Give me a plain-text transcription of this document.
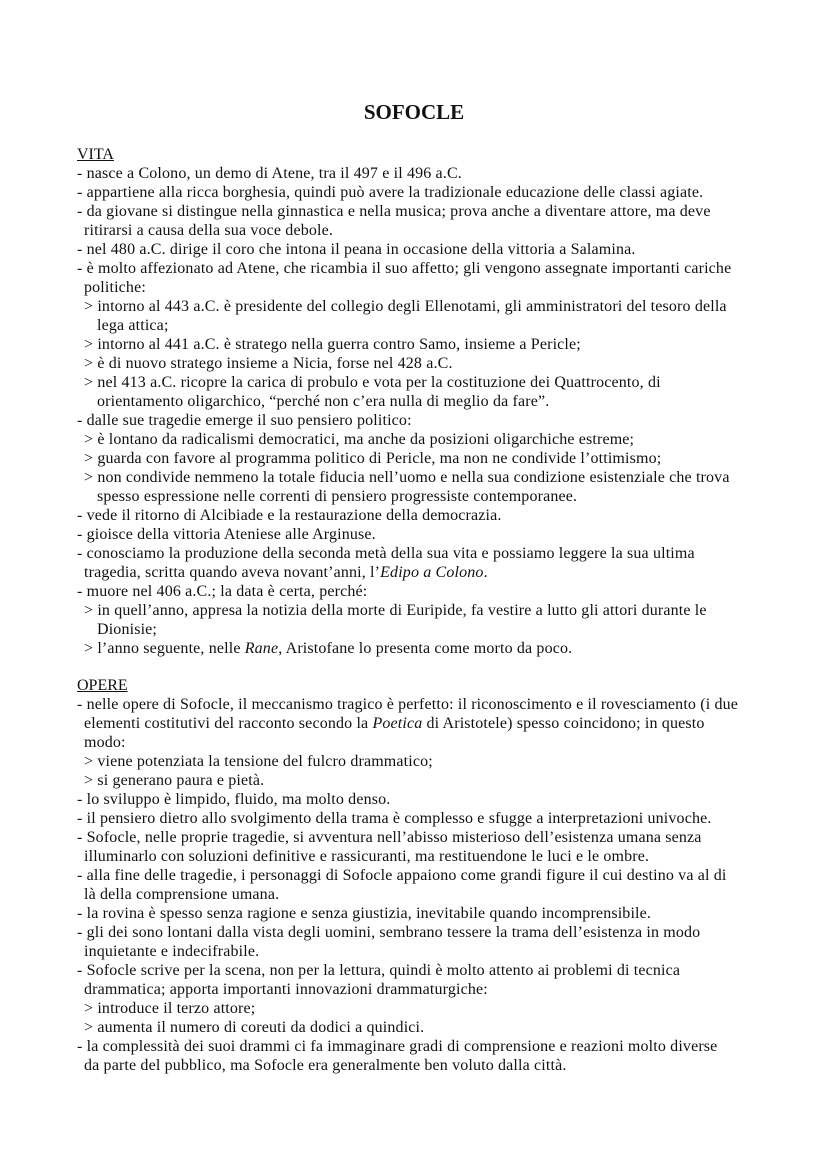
SOFOCLE
VITA
- nasce a Colono, un demo di Atene, tra il 497 e il 496 a.C.
- appartiene alla ricca borghesia, quindi può avere la tradizionale educazione delle classi agiate.
- da giovane si distingue nella ginnastica e nella musica; prova anche a diventare attore, ma deve
ritirarsi a causa della sua voce debole.
- nel 480 a.C. dirige il coro che intona il peana in occasione della vittoria a Salamina.
- è molto affezionato ad Atene, che ricambia il suo affetto; gli vengono assegnate importanti cariche
politiche:
> intorno al 443 a.C. è presidente del collegio degli Ellenotami, gli amministratori del tesoro della
lega attica;
> intorno al 441 a.C. è stratego nella guerra contro Samo, insieme a Pericle;
> è di nuovo stratego insieme a Nicia, forse nel 428 a.C.
> nel 413 a.C. ricopre la carica di probulo e vota per la costituzione dei Quattrocento, di
orientamento oligarchico, “perché non c’era nulla di meglio da fare”.
- dalle sue tragedie emerge il suo pensiero politico:
> è lontano da radicalismi democratici, ma anche da posizioni oligarchiche estreme;
> guarda con favore al programma politico di Pericle, ma non ne condivide l’ottimismo;
> non condivide nemmeno la totale fiducia nell’uomo e nella sua condizione esistenziale che trova
spesso espressione nelle correnti di pensiero progressiste contemporanee.
- vede il ritorno di Alcibiade e la restaurazione della democrazia.
- gioisce della vittoria Ateniese alle Arginuse.
- conosciamo la produzione della seconda metà della sua vita e possiamo leggere la sua ultima
tragedia, scritta quando aveva novant’anni, l’Edipo a Colono.
- muore nel 406 a.C.; la data è certa, perché:
> in quell’anno, appresa la notizia della morte di Euripide, fa vestire a lutto gli attori durante le
Dionisie;
> l’anno seguente, nelle Rane, Aristofane lo presenta come morto da poco.
OPERE
- nelle opere di Sofocle, il meccanismo tragico è perfetto: il riconoscimento e il rovesciamento (i due
elementi costitutivi del racconto secondo la Poetica di Aristotele) spesso coincidono; in questo
modo:
> viene potenziata la tensione del fulcro drammatico;
> si generano paura e pietà.
- lo sviluppo è limpido, fluido, ma molto denso.
- il pensiero dietro allo svolgimento della trama è complesso e sfugge a interpretazioni univoche.
- Sofocle, nelle proprie tragedie, si avventura nell’abisso misterioso dell’esistenza umana senza
illuminarlo con soluzioni definitive e rassicuranti, ma restituendone le luci e le ombre.
- alla fine delle tragedie, i personaggi di Sofocle appaiono come grandi figure il cui destino va al di
là della comprensione umana.
- la rovina è spesso senza ragione e senza giustizia, inevitabile quando incomprensibile.
- gli dei sono lontani dalla vista degli uomini, sembrano tessere la trama dell’esistenza in modo
inquietante e indecifrabile.
- Sofocle scrive per la scena, non per la lettura, quindi è molto attento ai problemi di tecnica
drammatica; apporta importanti innovazioni drammaturgiche:
> introduce il terzo attore;
> aumenta il numero di coreuti da dodici a quindici.
- la complessità dei suoi drammi ci fa immaginare gradi di comprensione e reazioni molto diverse
da parte del pubblico, ma Sofocle era generalmente ben voluto dalla città.
